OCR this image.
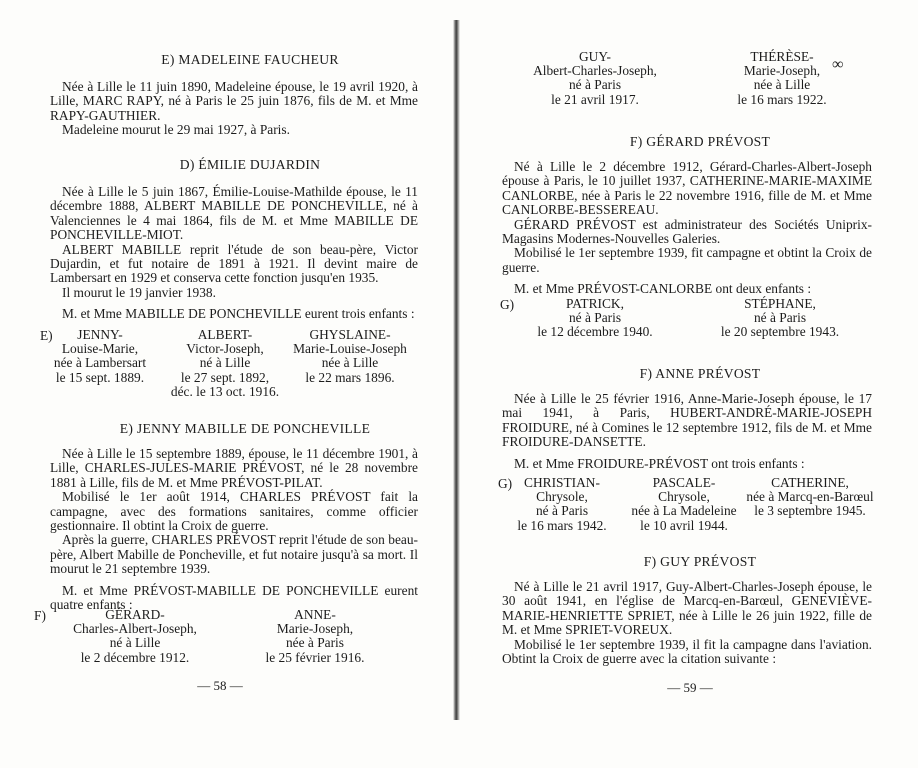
E) MADELEINE FAUCHEUR

Née à Lille le 11 juin 1890, Madeleine épouse, le 19 avril 1920, à Lille, MARC RAPY, né à Paris le 25 juin 1876, fils de M. et Mme RAPY-GAUTHIER.

Madeleine mourut le 29 mai 1927, à Paris.

D) ÉMILIE DUJARDIN

Née à Lille le 5 juin 1867, Émilie-Louise-Mathilde épouse, le 11 décembre 1888, ALBERT MABILLE DE PONCHEVILLE, né à Valenciennes le 4 mai 1864, fils de M. et Mme MABILLE DE PONCHEVILLE-MIOT.

ALBERT MABILLE reprit l'étude de son beau-père, Victor Dujardin, et fut notaire de 1891 à 1921. Il devint maire de Lambersart en 1929 et conserva cette fonction jusqu'en 1935.

Il mourut le 19 janvier 1938.

M. et Mme MABILLE DE PONCHEVILLE eurent trois enfants :

E)	JENNY-
Louise-Marie,
née à Lambersart
le 15 sept. 1889.
ALBERT-
Victor-Joseph,
né à Lille
le 27 sept. 1892,
déc. le 13 oct. 1916.
GHYSLAINE-
Marie-Louise-Joseph
née à Lille
le 22 mars 1896.
E) JENNY MABILLE DE PONCHEVILLE

Née à Lille le 15 septembre 1889, épouse, le 11 décembre 1901, à Lille, CHARLES-JULES-MARIE PRÉVOST, né le 28 novembre 1881 à Lille, fils de M. et Mme PRÉVOST-PILAT.

Mobilisé le 1er août 1914, CHARLES PRÉVOST fait la campagne, avec des formations sanitaires, comme officier gestionnaire. Il obtint la Croix de guerre.

Après la guerre, CHARLES PRÉVOST reprit l'étude de son beau-père, Albert Mabille de Poncheville, et fut notaire jusqu'à sa mort. Il mourut le 21 septembre 1939.

M. et Mme PRÉVOST-MABILLE DE PONCHEVILLE eurent quatre enfants :

F)	GÉRARD-
Charles-Albert-Joseph,
né à Lille
le 2 décembre 1912.
ANNE-
Marie-Joseph,
née à Paris
le 25 février 1916.
— 58 —
GUY-
Albert-Charles-Joseph,
né à Paris
le 21 avril 1917.
THÉRÈSE-
Marie-Joseph,
née à Lille
le 16 mars 1922.
∞
F) GÉRARD PRÉVOST

Né à Lille le 2 décembre 1912, Gérard-Charles-Albert-Joseph épouse à Paris, le 10 juillet 1937, CATHERINE-MARIE-MAXIME CANLORBE, née à Paris le 22 novembre 1916, fille de M. et Mme CANLORBE-BESSEREAU.

GÉRARD PRÉVOST est administrateur des Sociétés Uniprix-Magasins Modernes-Nouvelles Galeries.

Mobilisé le 1er septembre 1939, fit campagne et obtint la Croix de guerre.

M. et Mme PRÉVOST-CANLORBE ont deux enfants :

G)	PATRICK,
né à Paris
le 12 décembre 1940.
STÉPHANE,
né à Paris
le 20 septembre 1943.
F) ANNE PRÉVOST

Née à Lille le 25 février 1916, Anne-Marie-Joseph épouse, le 17 mai 1941, à Paris, HUBERT-ANDRÉ-MARIE-JOSEPH FROIDURE, né à Comines le 12 septembre 1912, fils de M. et Mme FROIDURE-DANSETTE.

M. et Mme FROIDURE-PRÉVOST ont trois enfants :

G) CHRISTIAN-
Chrysole,
né à Paris
le 16 mars 1942.
PASCALE-
Chrysole,
née à La Madeleine
le 10 avril 1944.
CATHERINE,
née à Marcq-en-Barœul
le 3 septembre 1945.
F) GUY PRÉVOST

Né à Lille le 21 avril 1917, Guy-Albert-Charles-Joseph épouse, le 30 août 1941, en l'église de Marcq-en-Barœul, GENEVIÈVE-MARIE-HENRIETTE SPRIET, née à Lille le 26 juin 1922, fille de M. et Mme SPRIET-VOREUX.

Mobilisé le 1er septembre 1939, il fit la campagne dans l'aviation. Obtint la Croix de guerre avec la citation suivante :

— 59 —
